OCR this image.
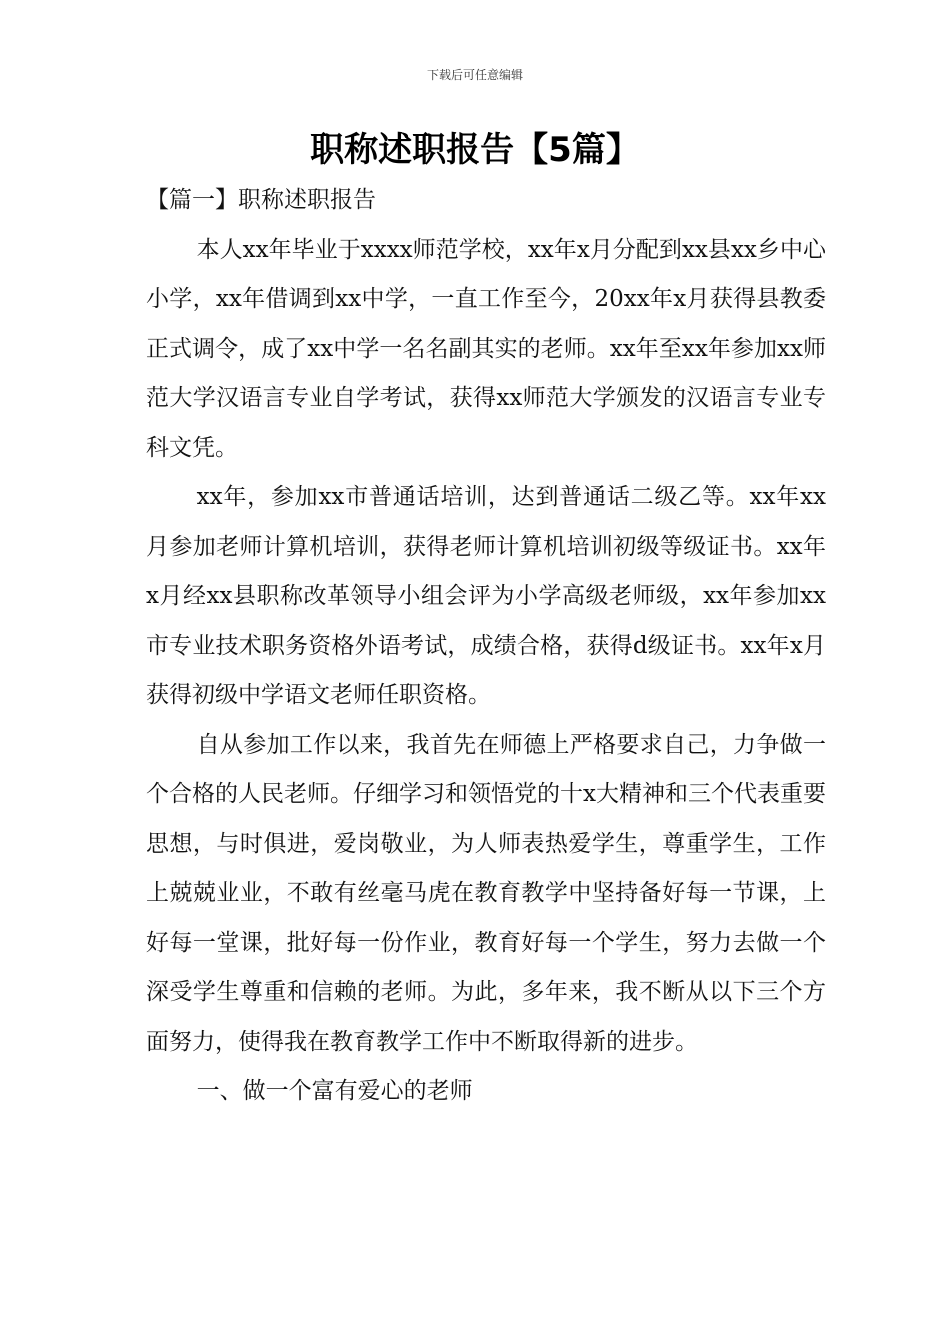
下载后可任意编辑
职称述职报告【5篇】

【篇一】职称述职报告

本人xx年毕业于xxxx师范学校，xx年x月分配到xx县xx乡中心小学，xx年借调到xx中学，一直工作至今，20xx年x月获得县教委正式调令，成了xx中学一名名副其实的老师。xx年至xx年参加xx师范大学汉语言专业自学考试，获得xx师范大学颁发的汉语言专业专科文凭。

xx年，参加xx市普通话培训，达到普通话二级乙等。xx年xx月参加老师计算机培训，获得老师计算机培训初级等级证书。xx年x月经xx县职称改革领导小组会评为小学高级老师级，xx年参加xx市专业技术职务资格外语考试，成绩合格，获得d级证书。xx年x月获得初级中学语文老师任职资格。

自从参加工作以来，我首先在师德上严格要求自己，力争做一个合格的人民老师。仔细学习和领悟党的十x大精神和三个代表重要思想，与时俱进，爱岗敬业，为人师表热爱学生，尊重学生，工作上兢兢业业，不敢有丝毫马虎在教育教学中坚持备好每一节课，上好每一堂课，批好每一份作业，教育好每一个学生，努力去做一个深受学生尊重和信赖的老师。为此，多年来，我不断从以下三个方面努力，使得我在教育教学工作中不断取得新的进步。

一、做一个富有爱心的老师
